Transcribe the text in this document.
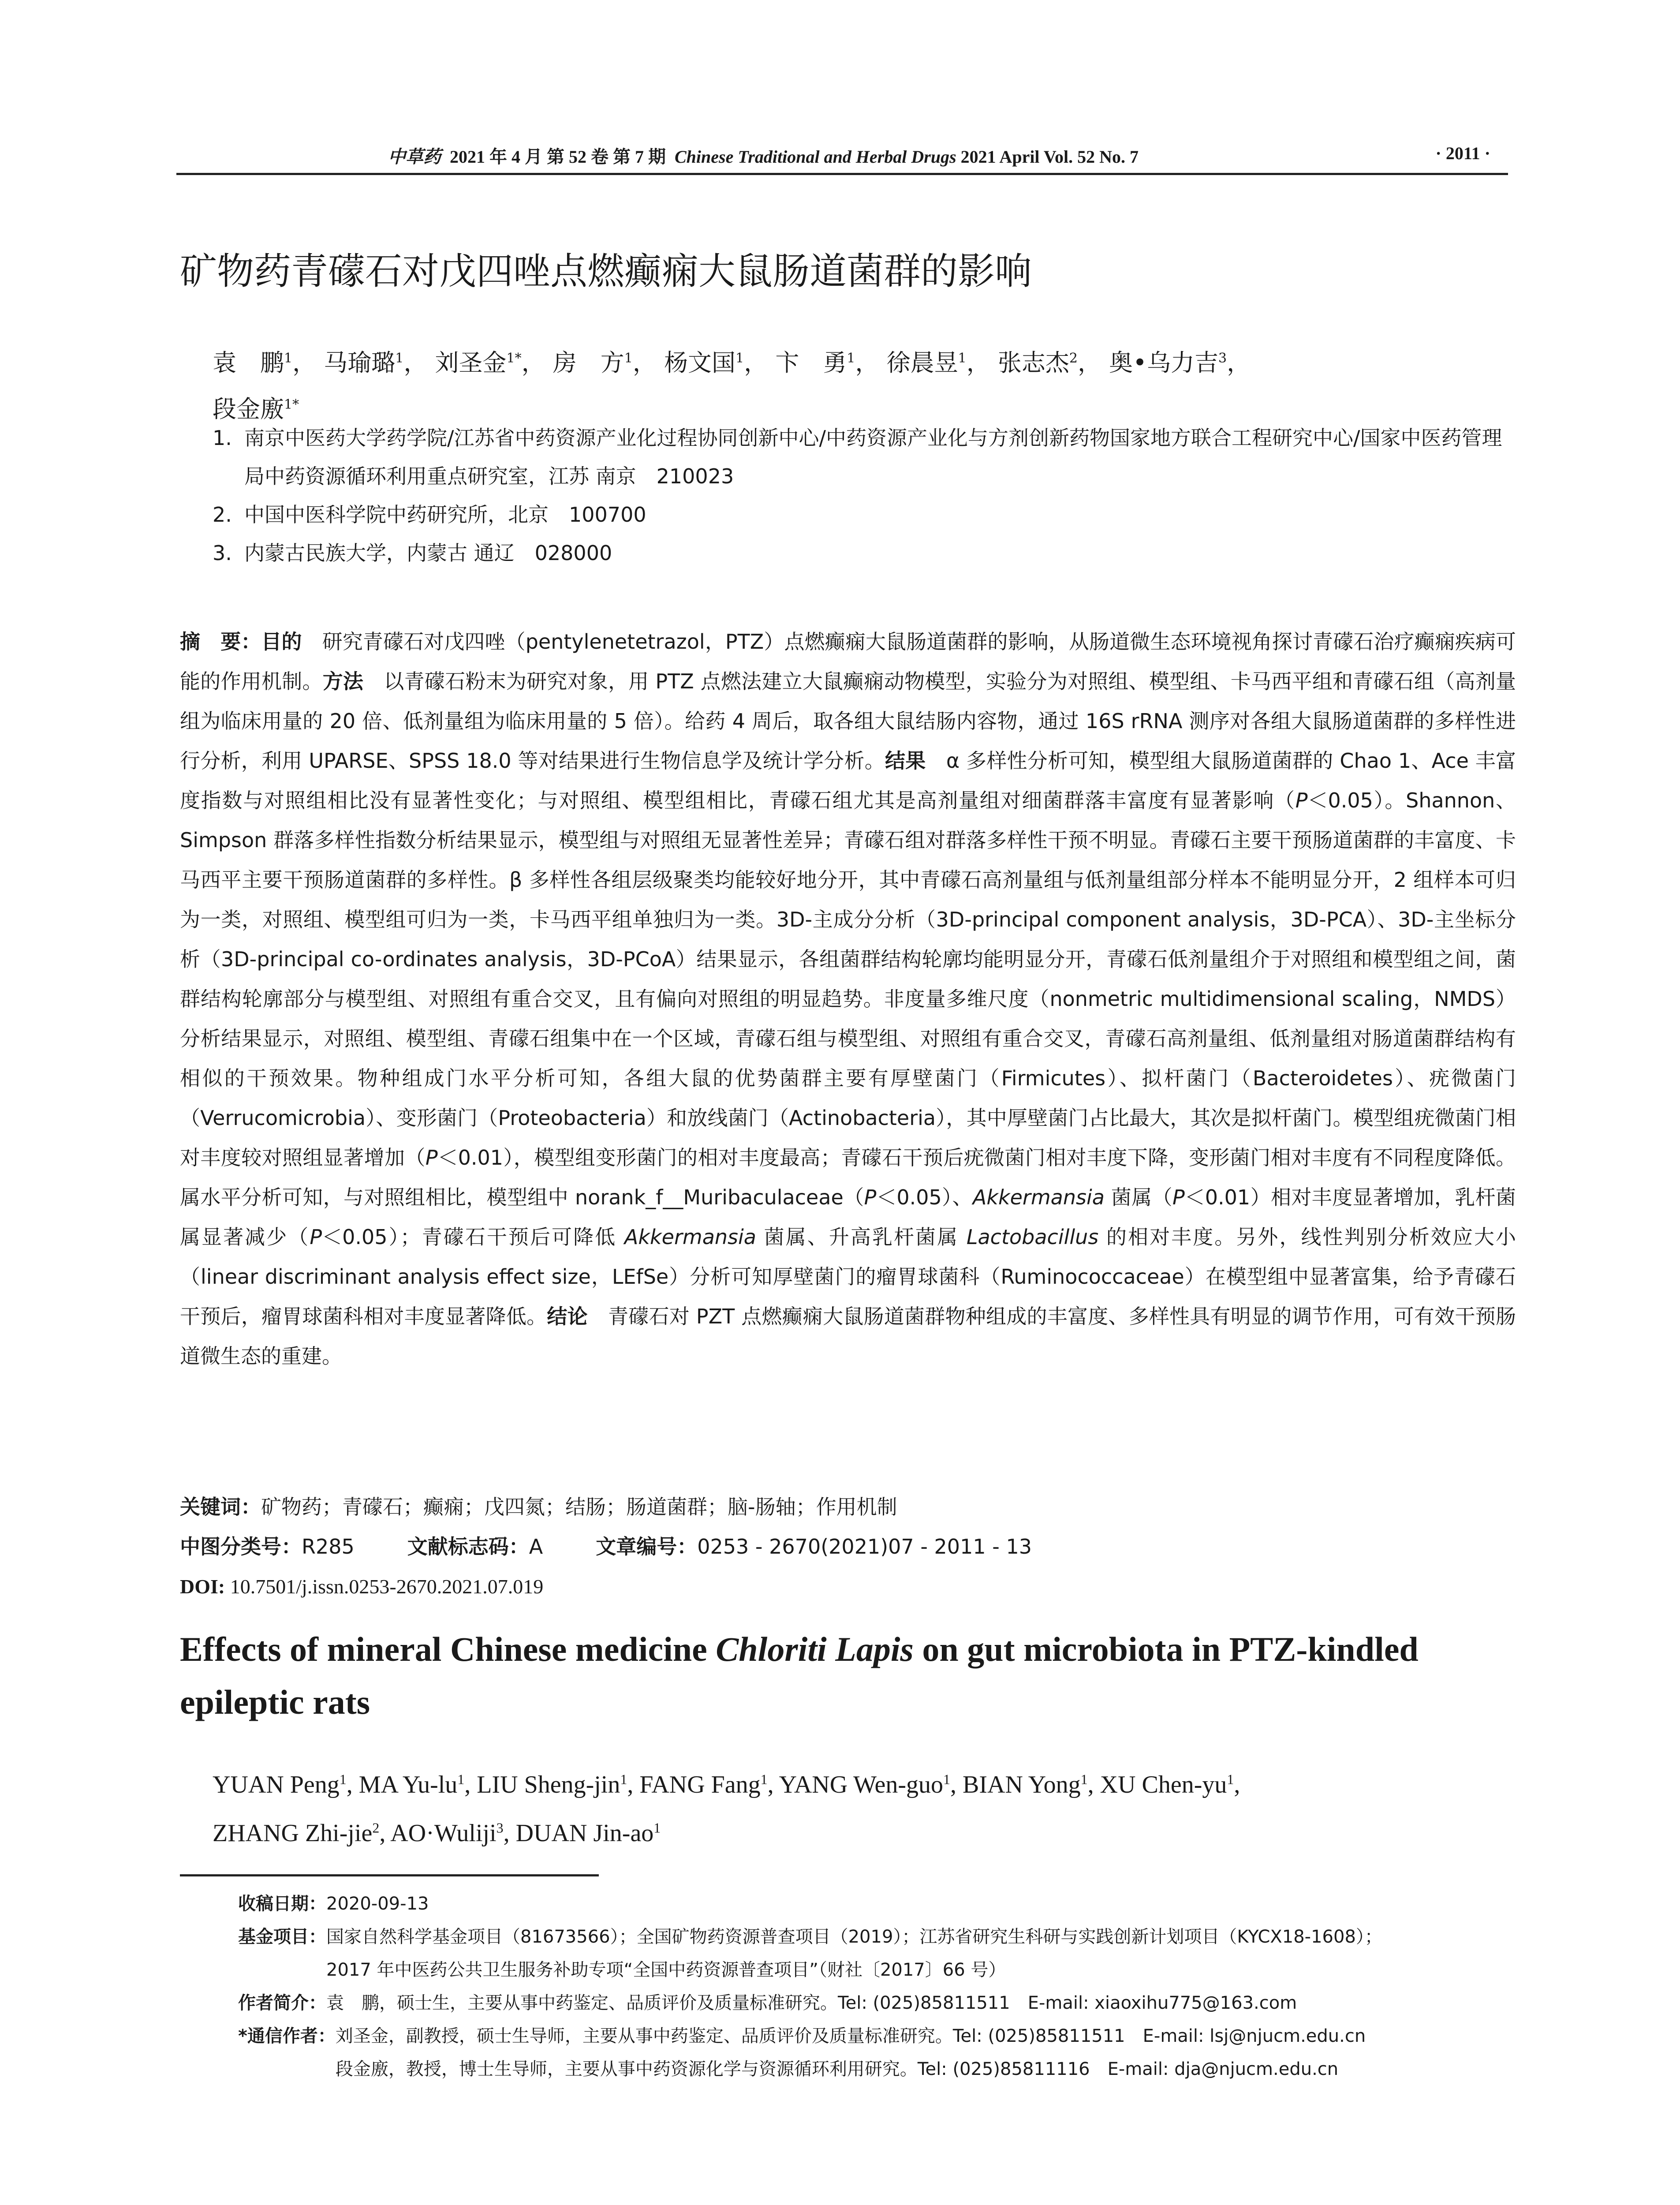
中草药 2021 年 4 月 第 52 卷 第 7 期 Chinese Traditional and Herbal Drugs 2021 April Vol. 52 No. 7	· 2011 ·
矿物药青礞石对戊四唑点燃癫痫大鼠肠道菌群的影响
袁　鹏$^1$， 马瑜璐$^1$， 刘圣金$^{1*}$， 房　方$^1$， 杨文国$^1$， 卞　勇$^1$， 徐晨昱$^1$， 张志杰$^2$， 奥•乌力吉$^3$，
段金廒$^{1*}$
1. 南京中医药大学药学院/江苏省中药资源产业化过程协同创新中心/中药资源产业化与方剂创新药物国家地方联合工程研究中心/国家中医药管理局中药资源循环利用重点研究室，江苏 南京　210023
2. 中国中医科学院中药研究所，北京　100700
3. 内蒙古民族大学，内蒙古 通辽　028000
摘　要：目的　研究青礞石对戊四唑（pentylenetetrazol，PTZ）点燃癫痫大鼠肠道菌群的影响，从肠道微生态环境视角探讨青礞石治疗癫痫疾病可能的作用机制。方法　以青礞石粉末为研究对象，用 PTZ 点燃法建立大鼠癫痫动物模型，实验分为对照组、模型组、卡马西平组和青礞石组（高剂量组为临床用量的 20 倍、低剂量组为临床用量的 5 倍）。给药 4 周后，取各组大鼠结肠内容物，通过 16S rRNA 测序对各组大鼠肠道菌群的多样性进行分析，利用 UPARSE、SPSS 18.0 等对结果进行生物信息学及统计学分析。结果　α 多样性分析可知，模型组大鼠肠道菌群的 Chao 1、Ace 丰富度指数与对照组相比没有显著性变化；与对照组、模型组相比，青礞石组尤其是高剂量组对细菌群落丰富度有显著影响（P＜0.05）。Shannon、Simpson 群落多样性指数分析结果显示，模型组与对照组无显著性差异；青礞石组对群落多样性干预不明显。青礞石主要干预肠道菌群的丰富度、卡马西平主要干预肠道菌群的多样性。β 多样性各组层级聚类均能较好地分开，其中青礞石高剂量组与低剂量组部分样本不能明显分开，2 组样本可归为一类，对照组、模型组可归为一类，卡马西平组单独归为一类。3D-主成分分析（3D-principal component analysis，3D-PCA）、3D-主坐标分析（3D-principal co-ordinates analysis，3D-PCoA）结果显示，各组菌群结构轮廓均能明显分开，青礞石低剂量组介于对照组和模型组之间，菌群结构轮廓部分与模型组、对照组有重合交叉，且有偏向对照组的明显趋势。非度量多维尺度（nonmetric multidimensional scaling，NMDS）分析结果显示，对照组、模型组、青礞石组集中在一个区域，青礞石组与模型组、对照组有重合交叉，青礞石高剂量组、低剂量组对肠道菌群结构有相似的干预效果。物种组成门水平分析可知，各组大鼠的优势菌群主要有厚壁菌门（Firmicutes）、拟杆菌门（Bacteroidetes）、疣微菌门（Verrucomicrobia）、变形菌门（Proteobacteria）和放线菌门（Actinobacteria），其中厚壁菌门占比最大，其次是拟杆菌门。模型组疣微菌门相对丰度较对照组显著增加（P＜0.01），模型组变形菌门的相对丰度最高；青礞石干预后疣微菌门相对丰度下降，变形菌门相对丰度有不同程度降低。属水平分析可知，与对照组相比，模型组中 norank_f__Muribaculaceae（P＜0.05）、Akkermansia 菌属（P＜0.01）相对丰度显著增加，乳杆菌属显著减少（P＜0.05）；青礞石干预后可降低 Akkermansia 菌属、升高乳杆菌属 Lactobacillus 的相对丰度。另外，线性判别分析效应大小（linear discriminant analysis effect size，LEfSe）分析可知厚壁菌门的瘤胃球菌科（Ruminococcaceae）在模型组中显著富集，给予青礞石干预后，瘤胃球菌科相对丰度显著降低。结论　青礞石对 PZT 点燃癫痫大鼠肠道菌群物种组成的丰富度、多样性具有明显的调节作用，可有效干预肠道微生态的重建。
关键词：矿物药；青礞石；癫痫；戊四氮；结肠；肠道菌群；脑-肠轴；作用机制
中图分类号：R285	文献标志码：A	文章编号：0253 - 2670(2021)07 - 2011 - 13
DOI: 10.7501/j.issn.0253-2670.2021.07.019
Effects of mineral Chinese medicine Chloriti Lapis on gut microbiota in PTZ-kindled epileptic rats
YUAN Peng$^1$, MA $Yu-lu^1$, LIU Sheng-jin$^1$, FANG Fang$^1$, YANG Wen-guo$^1$, BIAN Yong$^1$, XU Chen-$yu^1$,
ZHANG Zhi-jie$^2$, AO·Wuliji$^3$, DUAN Jin-$ao^1$
收稿日期： 2020-09-13
基金项目： 国家自然科学基金项目（81673566）；全国矿物药资源普查项目（2019）；江苏省研究生科研与实践创新计划项目（KYCX18-1608）；
2017 年中医药公共卫生服务补助专项“全国中药资源普查项目”（财社〔2017〕66 号）
作者简介： 袁　鹏，硕士生，主要从事中药鉴定、品质评价及质量标准研究。Tel: (025)85811511　E-mail: xiaoxihu775@163.com
*通信作者： 刘圣金，副教授，硕士生导师，主要从事中药鉴定、品质评价及质量标准研究。Tel: (025)85811511　E-mail: lsj@njucm.edu.cn
段金廒，教授，博士生导师，主要从事中药资源化学与资源循环利用研究。Tel: (025)85811116　E-mail: dja@njucm.edu.cn
